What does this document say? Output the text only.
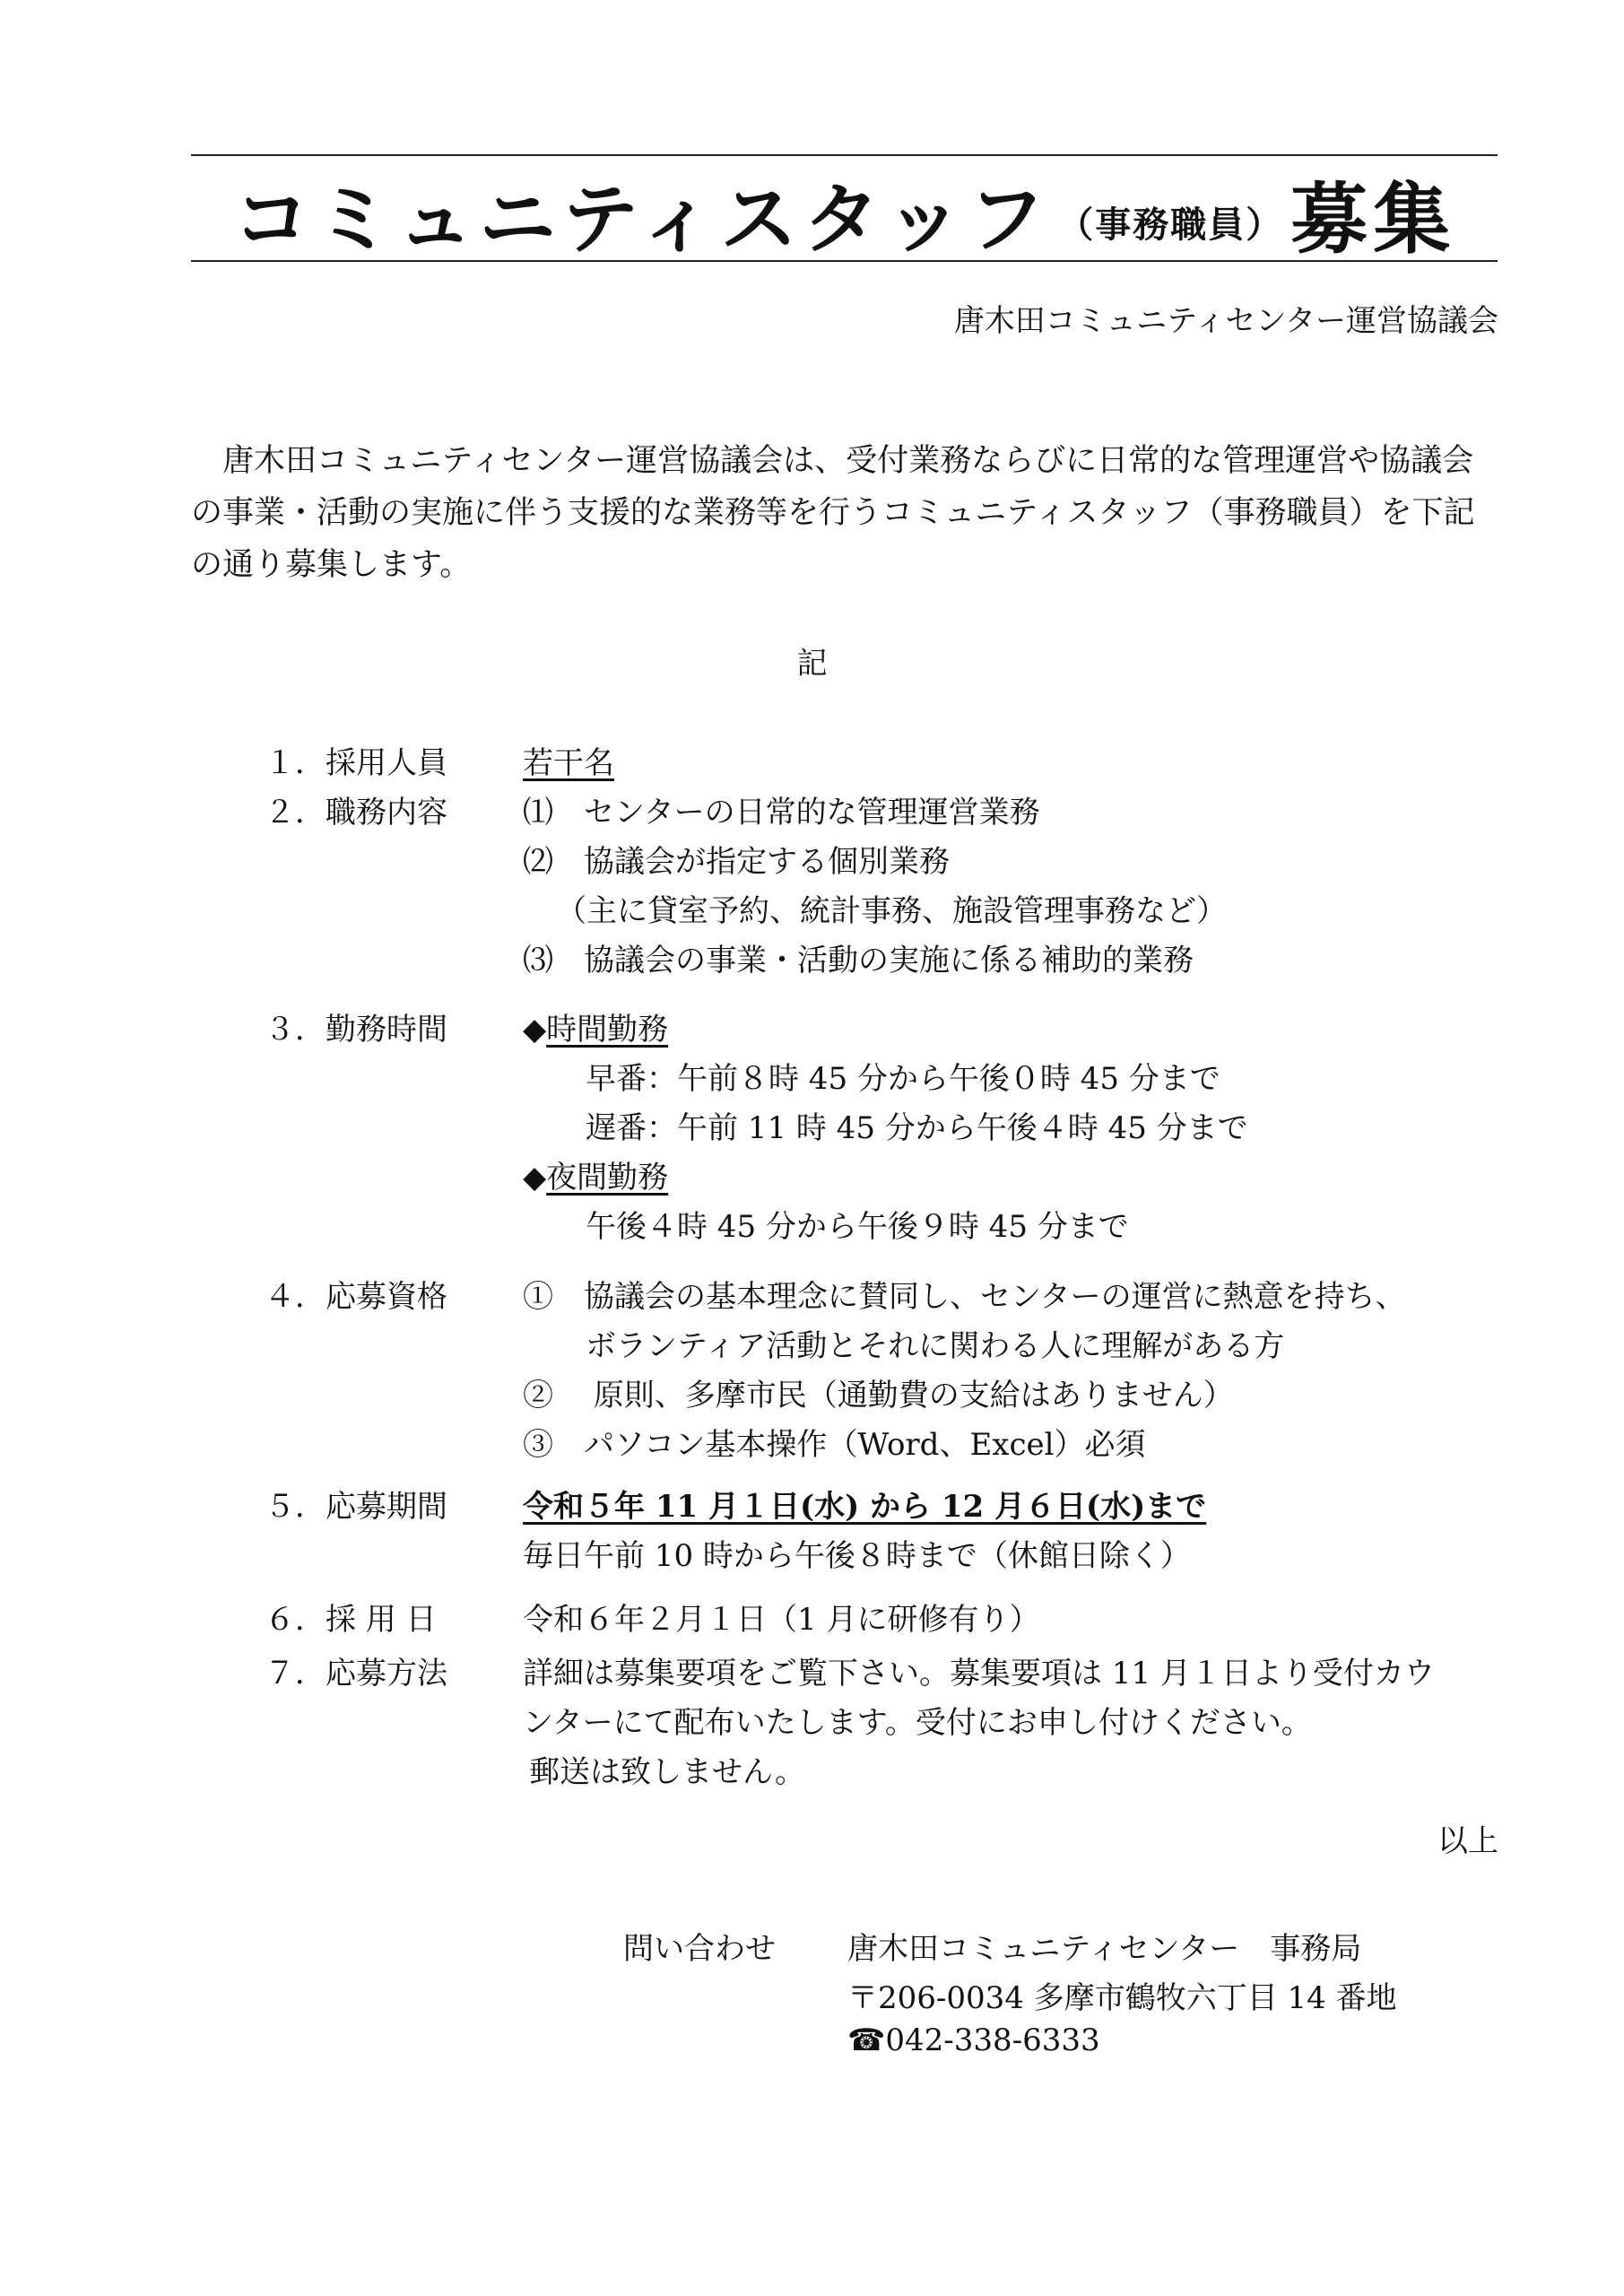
コミュニティスタッフ （事務職員） 募集
唐木田コミュニティセンター運営協議会

唐木田コミュニティセンター運営協議会は、受付業務ならびに日常的な管理運営や協議会の事業・活動の実施に伴う支援的な業務等を行うコミュニティスタッフ（事務職員）を下記の通り募集します。

記
１．採用人員 若干名
２．職務内容 ⑴　センターの日常的な管理運営業務
⑵　協議会が指定する個別業務
（主に貸室予約、統計事務、施設管理事務など）
⑶　協議会の事業・活動の実施に係る補助的業務
３．勤務時間 ◆時間勤務
早番：午前８時 45 分から午後０時 45 分まで
遅番：午前 11 時 45 分から午後４時 45 分まで
◆夜間勤務
午後４時 45 分から午後９時 45 分まで
４．応募資格 ①　協議会の基本理念に賛同し、センターの運営に熱意を持ち、
ボランティア活動とそれに関わる人に理解がある方
②　 原則、多摩市民（通勤費の支給はありません）
③　パソコン基本操作（Word、Excel）必須
５．応募期間 令和５年 11 月１日(水) から 12 月６日(水)まで
毎日午前 10 時から午後８時まで（休館日除く）
６．採 用 日	令和６年２月１日（1 月に研修有り）
７．応募方法 詳細は募集要項をご覧下さい。募集要項は 11 月１日より受付カウ
ンターにて配布いたします。受付にお申し付けください。
郵送は致しません。
以上
問い合わせ 唐木田コミュニティセンター　事務局
〒206-0034 多摩市鶴牧六丁目 14 番地
☎042-338-6333
